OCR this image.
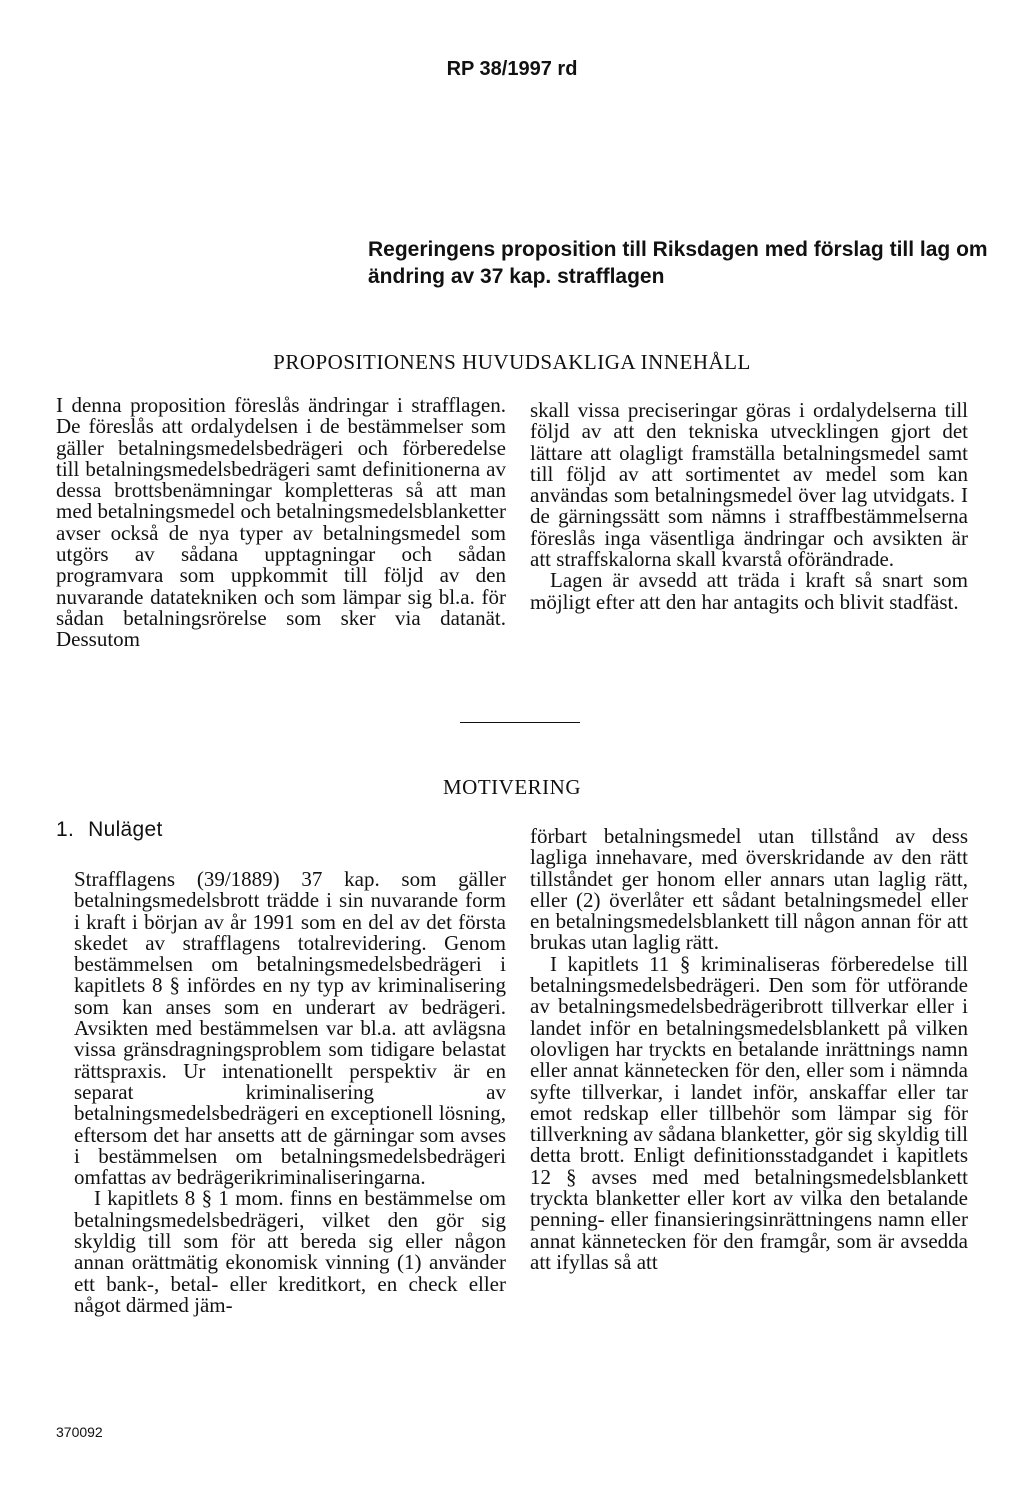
RP 38/1997 rd
Regeringens proposition till Riksdagen med förslag till lag om ändring av 37 kap. strafflagen
PROPOSITIONENS HUVUDSAKLIGA INNEHÅLL

I denna proposition föreslås ändringar i strafflagen. De föreslås att ordalydelsen i de bestämmelser som gäller betalningsmedelsbedrägeri och förberedelse till betalningsmedelsbedrägeri samt definitionerna av dessa brottsbenämningar kompletteras så att man med betalningsmedel och betalningsmedelsblanketter avser också de nya typer av betalningsmedel som utgörs av sådana upptagningar och sådan programvara som uppkommit till följd av den nuvarande datatekniken och som lämpar sig bl.a. för sådan betalningsrörelse som sker via datanät. Dessutom

skall vissa preciseringar göras i ordalydelserna till följd av att den tekniska utvecklingen gjort det lättare att olagligt framställa betalningsmedel samt till följd av att sortimentet av medel som kan användas som betalningsmedel över lag utvidgats. I de gärningssätt som nämns i straffbestämmelserna föreslås inga väsentliga ändringar och avsikten är att straffskalorna skall kvarstå oförändrade.

Lagen är avsedd att träda i kraft så snart som möjligt efter att den har antagits och blivit stadfäst.

MOTIVERING
1. Nuläget

Strafflagens (39/1889) 37 kap. som gäller betalningsmedelsbrott trädde i sin nuvarande form i kraft i början av år 1991 som en del av det första skedet av strafflagens totalrevidering. Genom bestämmelsen om betalningsmedelsbedrägeri i kapitlets 8 § infördes en ny typ av kriminalisering som kan anses som en underart av bedrägeri. Avsikten med bestämmelsen var bl.a. att avlägsna vissa gränsdragningsproblem som tidigare belastat rättspraxis. Ur intenationellt perspektiv är en separat kriminalisering av betalningsmedelsbedrägeri en exceptionell lösning, eftersom det har ansetts att de gärningar som avses i bestämmelsen om betalningsmedelsbedrägeri omfattas av bedrägerikriminaliseringarna.

I kapitlets 8 § 1 mom. finns en bestämmelse om betalningsmedelsbedrägeri, vilket den gör sig skyldig till som för att bereda sig eller någon annan orättmätig ekonomisk vinning (1) använder ett bank-, betal- eller kreditkort, en check eller något därmed jäm-

förbart betalningsmedel utan tillstånd av dess lagliga innehavare, med överskridande av den rätt tillståndet ger honom eller annars utan laglig rätt, eller (2) överlåter ett sådant betalningsmedel eller en betalningsmedelsblankett till någon annan för att brukas utan laglig rätt.

I kapitlets 11 § kriminaliseras förberedelse till betalningsmedelsbedrägeri. Den som för utförande av betalningsmedelsbedrägeribrott tillverkar eller i landet inför en betalningsmedelsblankett på vilken olovligen har tryckts en betalande inrättnings namn eller annat kännetecken för den, eller som i nämnda syfte tillverkar, i landet inför, anskaffar eller tar emot redskap eller tillbehör som lämpar sig för tillverkning av sådana blanketter, gör sig skyldig till detta brott. Enligt definitionsstadgandet i kapitlets 12 § avses med med betalningsmedelsblankett tryckta blanketter eller kort av vilka den betalande penning- eller finansieringsinrättningens namn eller annat kännetecken för den framgår, som är avsedda att ifyllas så att

370092
